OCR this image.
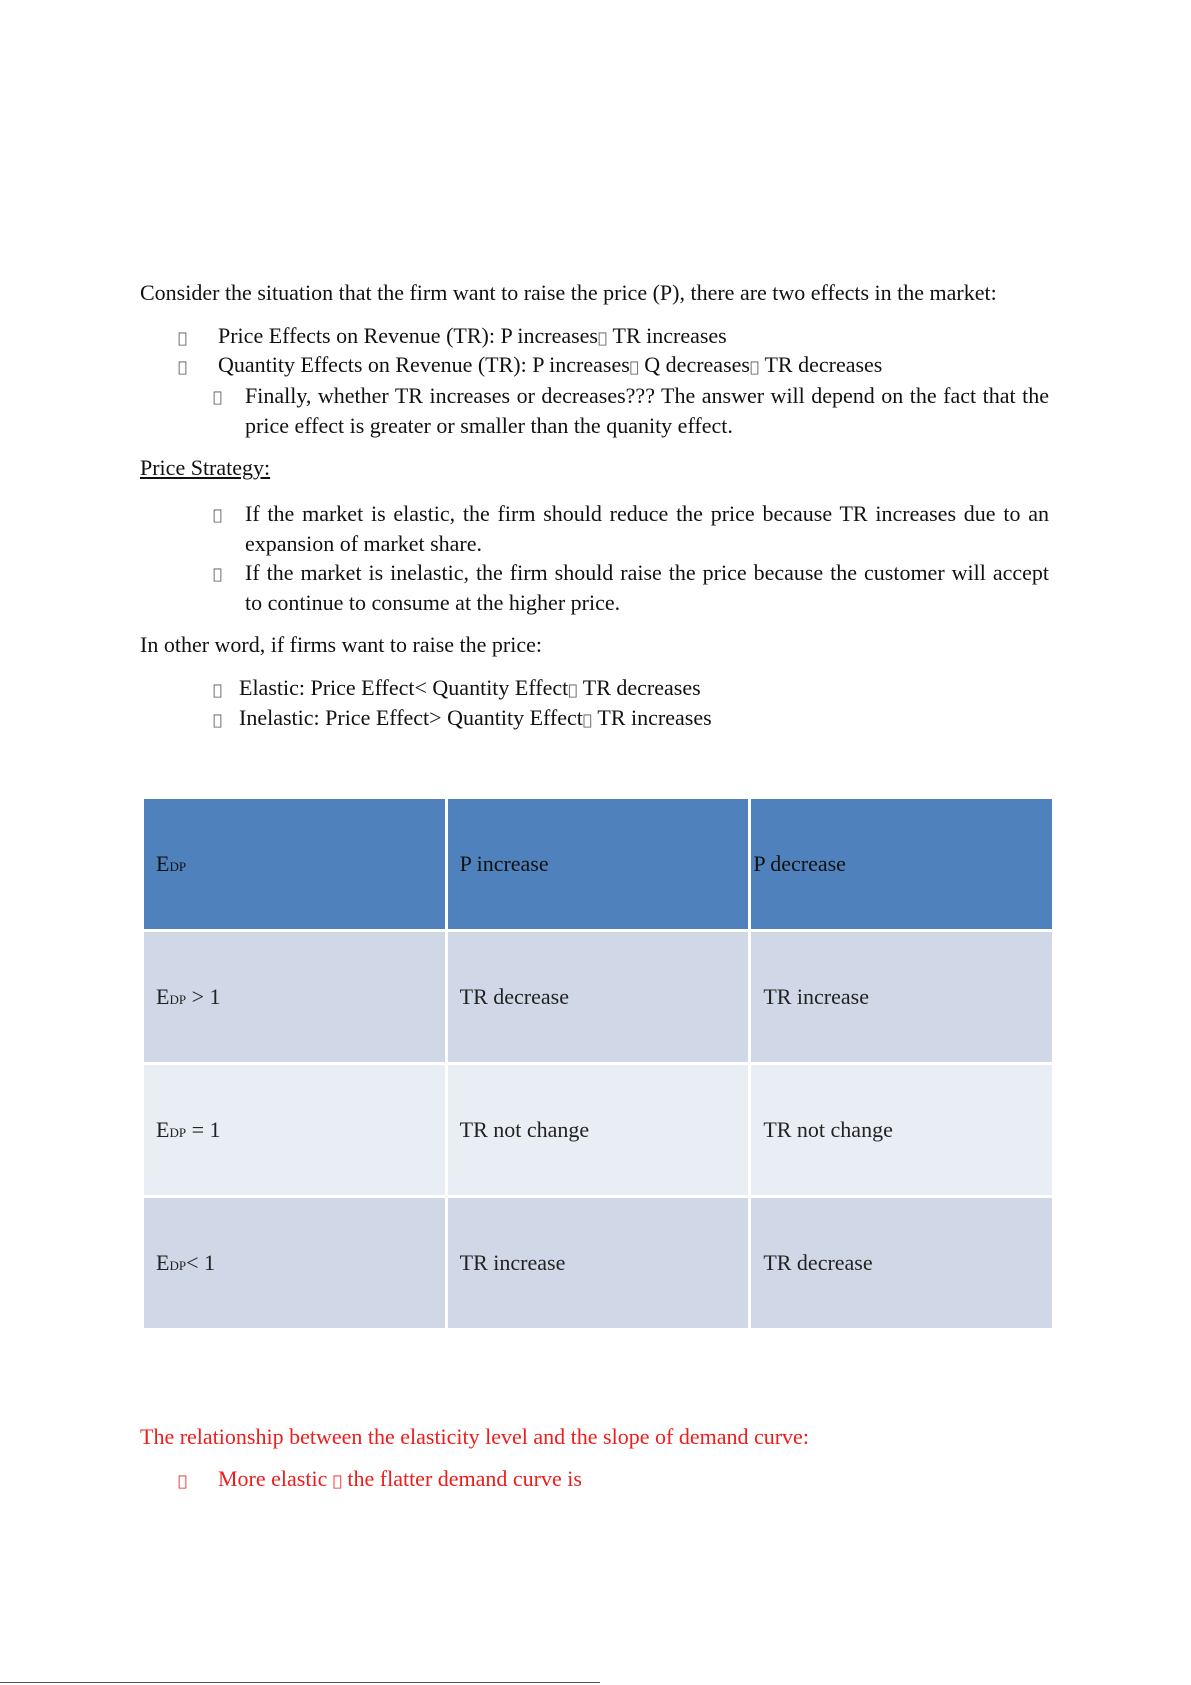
Consider the situation that the firm want to raise the price (P), there are two effects in the market:
Price Effects on Revenue (TR): P increases TR increases
Quantity Effects on Revenue (TR): P increases Q decreases TR decreases
Finally, whether TR increases or decreases??? The answer will depend on the fact that the price effect is greater or smaller than the quanity effect.
Price Strategy:
If the market is elastic, the firm should reduce the price because TR increases due to an expansion of market share.
If the market is inelastic, the firm should raise the price because the customer will accept to continue to consume at the higher price.
In other word, if firms want to raise the price:
Elastic: Price Effect< Quantity Effect TR decreases
Inelastic: Price Effect> Quantity Effect TR increases
EDP	P increase	P decrease
EDP > 1	TR decrease	TR increase
EDP = 1	TR not change	TR not change
EDP< 1	TR increase	TR decrease
The relationship between the elasticity level and the slope of demand curve:
More elastic the flatter demand curve is
